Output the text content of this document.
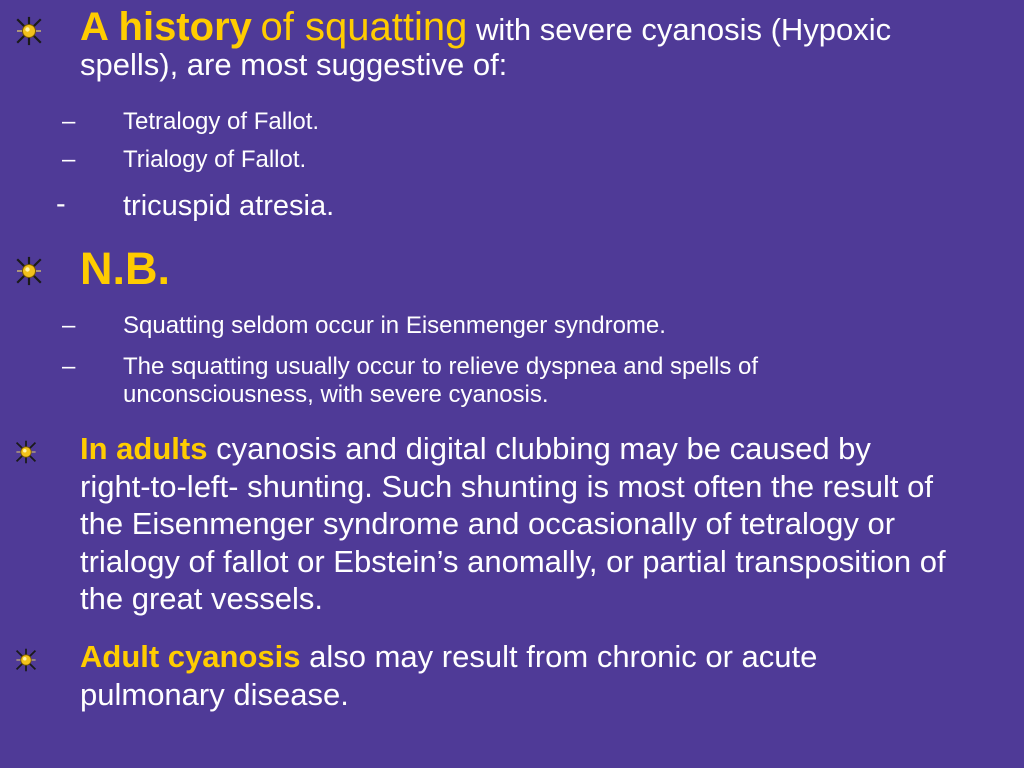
A history of squatting with severe cyanosis (Hypoxic
spells), are most suggestive of:
– Tetralogy of Fallot.
– Trialogy of Fallot.
- tricuspid atresia.
N.B.
– Squatting seldom occur in Eisenmenger syndrome.
– The squatting usually occur to relieve dyspnea and spells of
unconsciousness, with severe cyanosis.
In adults cyanosis and digital clubbing may be caused by
right-to-left- shunting. Such shunting is most often the result of
the Eisenmenger syndrome and occasionally of tetralogy or
trialogy of fallot or Ebstein’s anomally, or partial transposition of
the great vessels.
Adult cyanosis also may result from chronic or acute
pulmonary disease.
